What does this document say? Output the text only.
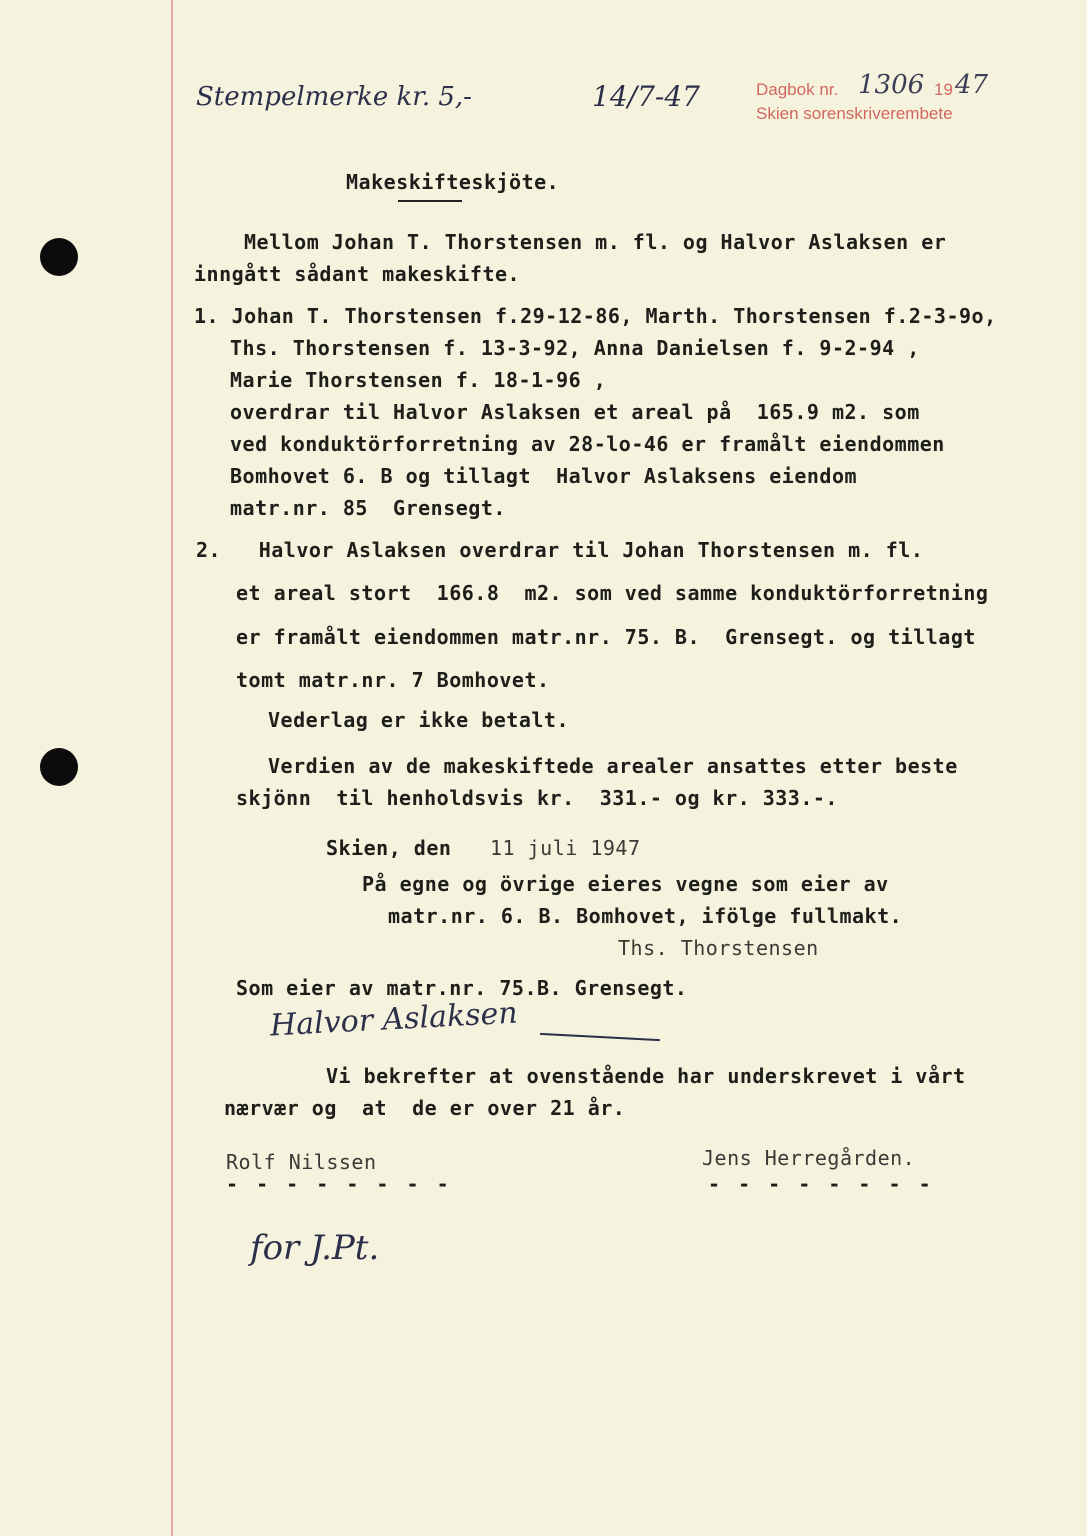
Stempelmerke kr. 5,-	14/7-47	Dagbok nr. 1306 19 47
Skien sorenskriverembete
Makeskifteskjöte.
Mellom Johan T. Thorstensen m. fl. og Halvor Aslaksen er
inngått sådant makeskifte.
1. Johan T. Thorstensen f.29-12-86, Marth. Thorstensen f.2-3-9o,
Ths. Thorstensen f. 13-3-92, Anna Danielsen f. 9-2-94 ,
Marie Thorstensen f. 18-1-96 ,
overdrar til Halvor Aslaksen et areal på  165.9 m2. som
ved konduktörforretning av 28-lo-46 er framålt eiendommen
Bomhovet 6. B og tillagt  Halvor Aslaksens eiendom
matr.nr. 85  Grensegt.
2.   Halvor Aslaksen overdrar til Johan Thorstensen m. fl.
et areal stort  166.8  m2. som ved samme konduktörforretning
er framålt eiendommen matr.nr. 75. B.  Grensegt. og tillagt
tomt matr.nr. 7 Bomhovet.
Vederlag er ikke betalt.
Verdien av de makeskiftede arealer ansattes etter beste
skjönn  til henholdsvis kr.  331.- og kr. 333.-.
Skien, den 11 juli 1947
På egne og övrige eieres vegne som eier av
matr.nr. 6. B. Bomhovet, ifölge fullmakt.
Ths. Thorstensen
Som eier av matr.nr. 75.B. Grensegt.
Halvor Aslaksen
Vi bekrefter at ovenstående har underskrevet i vårt
nærvær og  at  de er over 21 år.
Rolf Nilssen	Jens Herregården.
- - - - - - - -	- - - - - - - -
for J.Pt.
